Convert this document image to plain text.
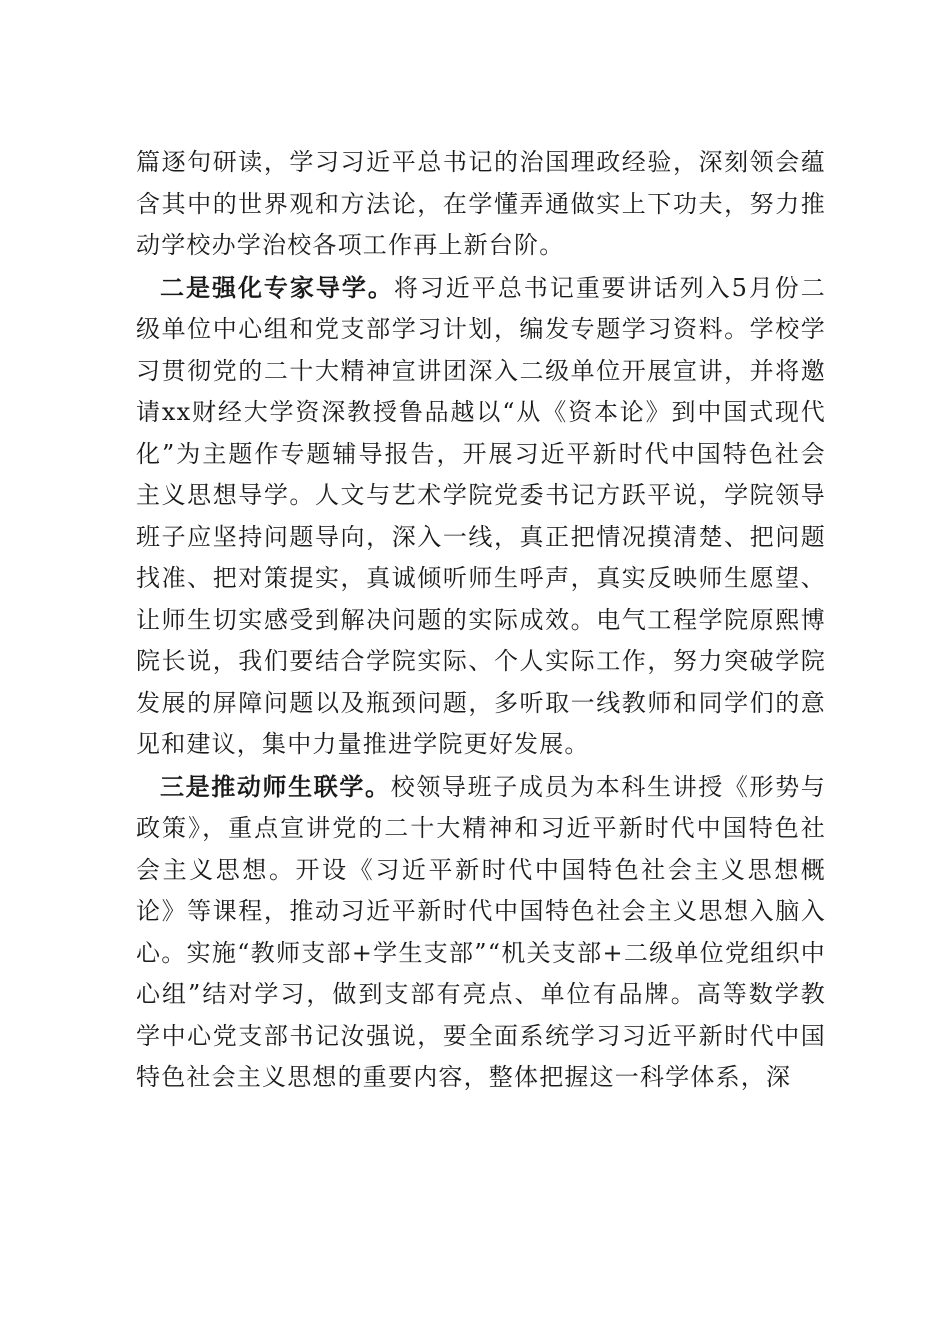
篇逐句研读，学习习近平总书记的治国理政经验，深刻领会蕴含其中的世界观和方法论，在学懂弄通做实上下功夫，努力推动学校办学治校各项工作再上新台阶。

二是强化专家导学。将习近平总书记重要讲话列入5月份二级单位中心组和党支部学习计划，编发专题学习资料。学校学习贯彻党的二十大精神宣讲团深入二级单位开展宣讲，并将邀请xx财经大学资深教授鲁品越以“从《资本论》到中国式现代化”为主题作专题辅导报告，开展习近平新时代中国特色社会主义思想导学。人文与艺术学院党委书记方跃平说，学院领导班子应坚持问题导向，深入一线，真正把情况摸清楚、把问题找准、把对策提实，真诚倾听师生呼声，真实反映师生愿望、让师生切实感受到解决问题的实际成效。电气工程学院原熙博院长说，我们要结合学院实际、个人实际工作，努力突破学院发展的屏障问题以及瓶颈问题，多听取一线教师和同学们的意见和建议，集中力量推进学院更好发展。

三是推动师生联学。校领导班子成员为本科生讲授《形势与政策》，重点宣讲党的二十大精神和习近平新时代中国特色社会主义思想。开设《习近平新时代中国特色社会主义思想概论》等课程，推动习近平新时代中国特色社会主义思想入脑入心。实施“教师支部+学生支部”“机关支部+二级单位党组织中心组”结对学习，做到支部有亮点、单位有品牌。高等数学教学中心党支部书记汝强说，要全面系统学习习近平新时代中国特色社会主义思想的重要内容，整体把握这一科学体系，深
